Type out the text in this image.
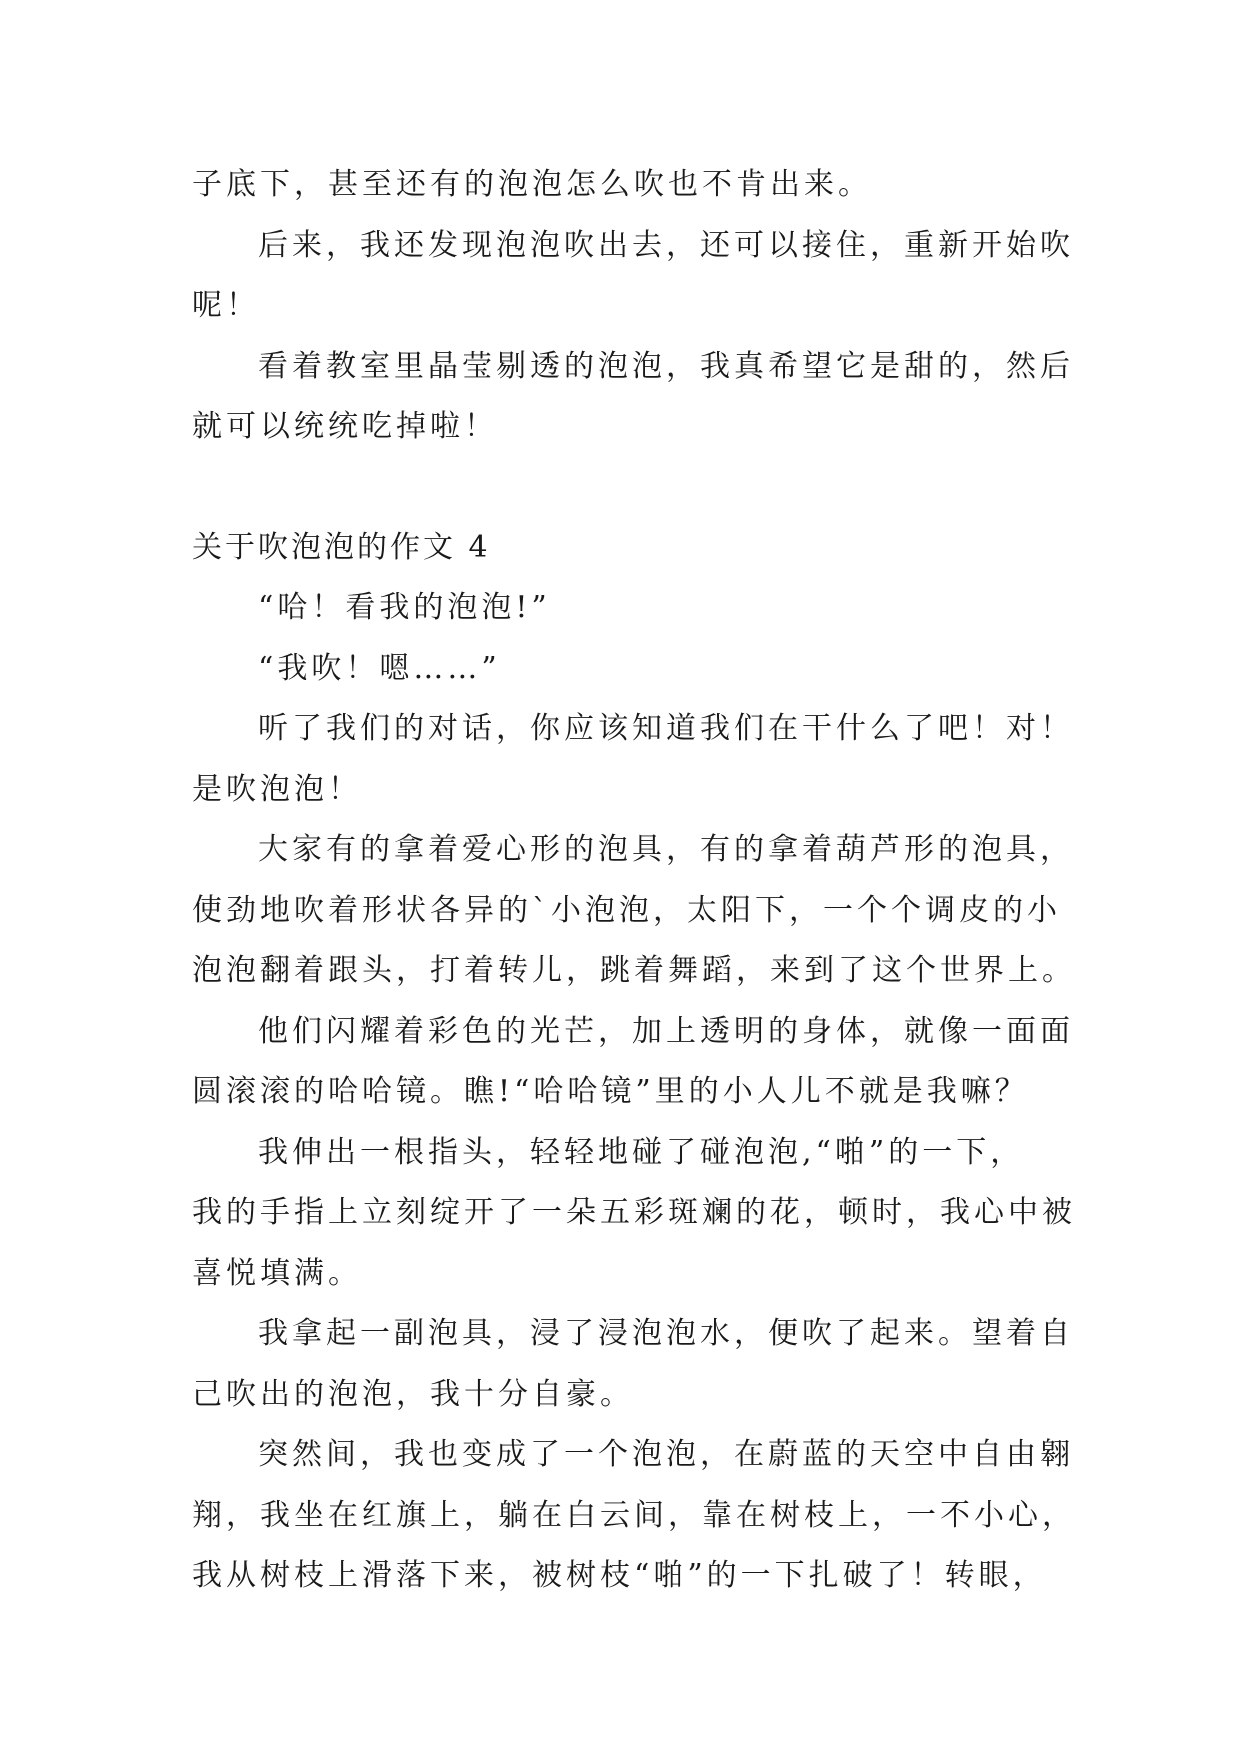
子底下，甚至还有的泡泡怎么吹也不肯出来。
后来，我还发现泡泡吹出去，还可以接住，重新开始吹
呢！
看着教室里晶莹剔透的泡泡，我真希望它是甜的，然后
就可以统统吃掉啦！
关于吹泡泡的作文 4
“哈！看我的泡泡!”
“我吹！嗯……”
听了我们的对话，你应该知道我们在干什么了吧！对！
是吹泡泡！
大家有的拿着爱心形的泡具，有的拿着葫芦形的泡具，
使劲地吹着形状各异的`小泡泡，太阳下，一个个调皮的小
泡泡翻着跟头，打着转儿，跳着舞蹈，来到了这个世界上。
他们闪耀着彩色的光芒，加上透明的身体，就像一面面
圆滚滚的哈哈镜。瞧!“哈哈镜”里的小人儿不就是我嘛？
我伸出一根指头，轻轻地碰了碰泡泡,“啪”的一下，
我的手指上立刻绽开了一朵五彩斑斓的花，顿时，我心中被
喜悦填满。
我拿起一副泡具，浸了浸泡泡水，便吹了起来。望着自
己吹出的泡泡，我十分自豪。
突然间，我也变成了一个泡泡，在蔚蓝的天空中自由翱
翔，我坐在红旗上，躺在白云间，靠在树枝上，一不小心，
我从树枝上滑落下来，被树枝“啪”的一下扎破了！转眼，
